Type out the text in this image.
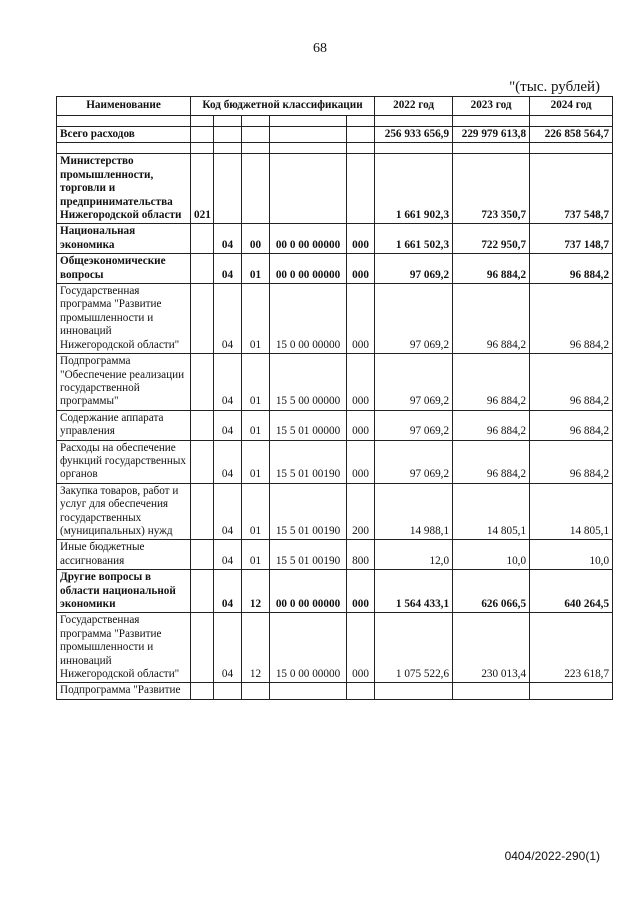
68
"(тыс. рублей)
Наименование	Код бюджетной классификации					2022 год	2023 год	2024 год

Всего расходов						256 933 656,9	229 979 613,8	226 858 564,7

Министерство промышленности, торговли и предпринимательства Нижегородской области	021					1 661 902,3	723 350,7	737 548,7
Национальная экономика		04	00	00 0 00 00000	000	1 661 502,3	722 950,7	737 148,7
Общеэкономические вопросы		04	01	00 0 00 00000	000	97 069,2	96 884,2	96 884,2
Государственная программа "Развитие промышленности и инноваций Нижегородской области"		04	01	15 0 00 00000	000	97 069,2	96 884,2	96 884,2
Подпрограмма "Обеспечение реализации государственной программы"		04	01	15 5 00 00000	000	97 069,2	96 884,2	96 884,2
Содержание аппарата управления		04	01	15 5 01 00000	000	97 069,2	96 884,2	96 884,2
Расходы на обеспечение функций государственных органов		04	01	15 5 01 00190	000	97 069,2	96 884,2	96 884,2
Закупка товаров, работ и услуг для обеспечения государственных (муниципальных) нужд		04	01	15 5 01 00190	200	14 988,1	14 805,1	14 805,1
Иные бюджетные ассигнования		04	01	15 5 01 00190	800	12,0	10,0	10,0
Другие вопросы в области национальной экономики		04	12	00 0 00 00000	000	1 564 433,1	626 066,5	640 264,5
Государственная программа "Развитие промышленности и инноваций Нижегородской области"		04	12	15 0 00 00000	000	1 075 522,6	230 013,4	223 618,7
Подпрограмма "Развитие								
0404/2022-290(1)
